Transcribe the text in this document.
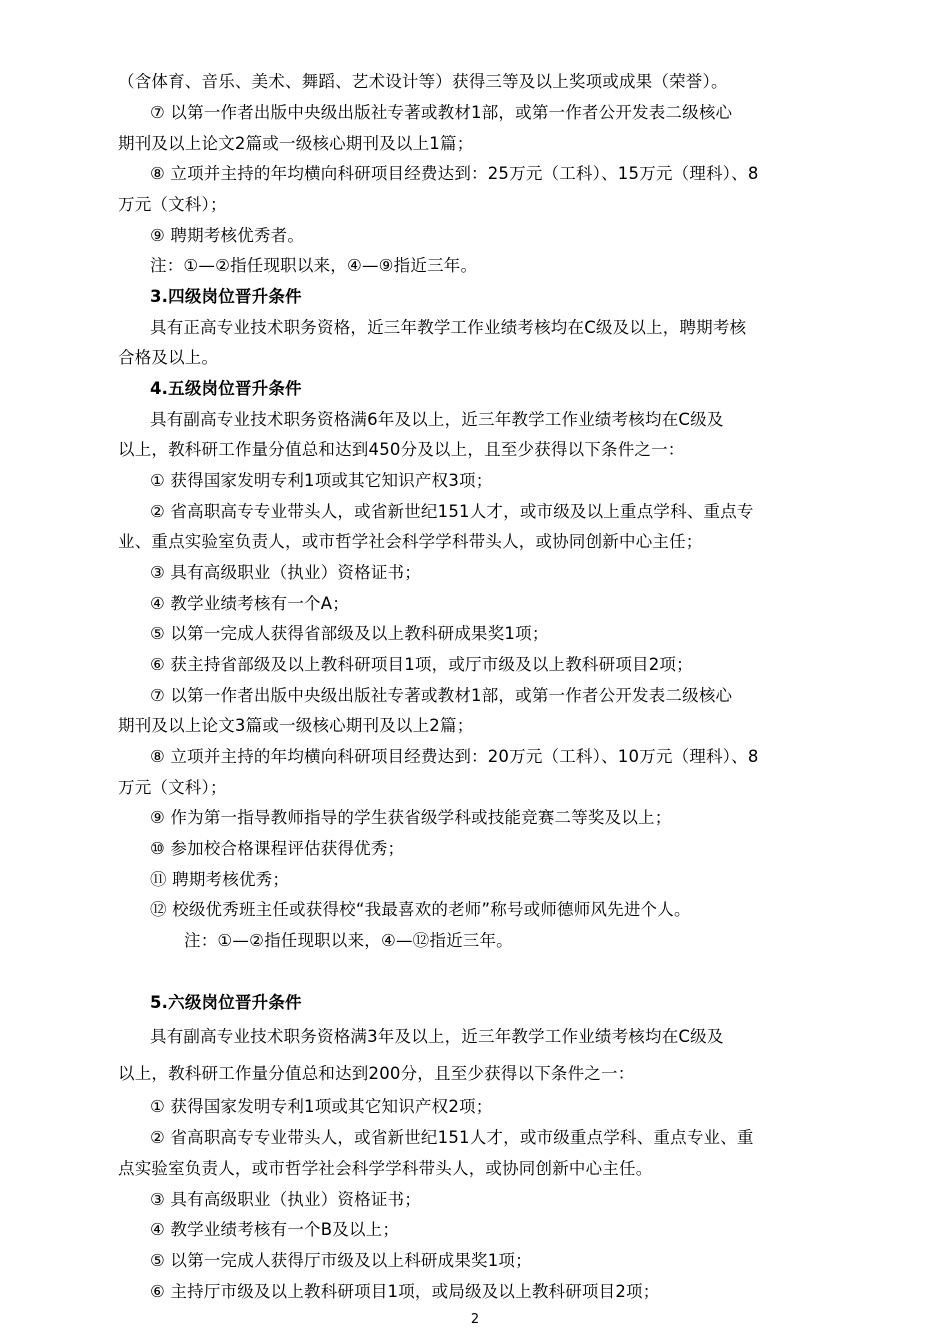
（含体育、音乐、美术、舞蹈、艺术设计等）获得三等及以上奖项或成果（荣誉）。
⑦ 以第一作者出版中央级出版社专著或教材1部，或第一作者公开发表二级核心
期刊及以上论文2篇或一级核心期刊及以上1篇；
⑧ 立项并主持的年均横向科研项目经费达到：25万元（工科）、15万元（理科）、8
万元（文科）；
⑨ 聘期考核优秀者。
注：①—②指任现职以来，④—⑨指近三年。
3.四级岗位晋升条件
具有正高专业技术职务资格，近三年教学工作业绩考核均在C级及以上，聘期考核
合格及以上。
4.五级岗位晋升条件
具有副高专业技术职务资格满6年及以上，近三年教学工作业绩考核均在C级及
以上，教科研工作量分值总和达到450分及以上，且至少获得以下条件之一：
① 获得国家发明专利1项或其它知识产权3项；
② 省高职高专专业带头人，或省新世纪151人才，或市级及以上重点学科、重点专
业、重点实验室负责人，或市哲学社会科学学科带头人，或协同创新中心主任；
③ 具有高级职业（执业）资格证书；
④ 教学业绩考核有一个A；
⑤ 以第一完成人获得省部级及以上教科研成果奖1项；
⑥ 获主持省部级及以上教科研项目1项，或厅市级及以上教科研项目2项；
⑦ 以第一作者出版中央级出版社专著或教材1部，或第一作者公开发表二级核心
期刊及以上论文3篇或一级核心期刊及以上2篇；
⑧ 立项并主持的年均横向科研项目经费达到：20万元（工科）、10万元（理科）、8
万元（文科）；
⑨ 作为第一指导教师指导的学生获省级学科或技能竞赛二等奖及以上；
⑩ 参加校合格课程评估获得优秀；
⑪ 聘期考核优秀；
⑫ 校级优秀班主任或获得校“我最喜欢的老师”称号或师德师风先进个人。
注：①—②指任现职以来，④—⑫指近三年。
5.六级岗位晋升条件
具有副高专业技术职务资格满3年及以上，近三年教学工作业绩考核均在C级及
以上，教科研工作量分值总和达到200分，且至少获得以下条件之一：
① 获得国家发明专利1项或其它知识产权2项；
② 省高职高专专业带头人，或省新世纪151人才，或市级重点学科、重点专业、重
点实验室负责人，或市哲学社会科学学科带头人，或协同创新中心主任。
③ 具有高级职业（执业）资格证书；
④ 教学业绩考核有一个B及以上；
⑤ 以第一完成人获得厅市级及以上科研成果奖1项；
⑥ 主持厅市级及以上教科研项目1项，或局级及以上教科研项目2项；
2
